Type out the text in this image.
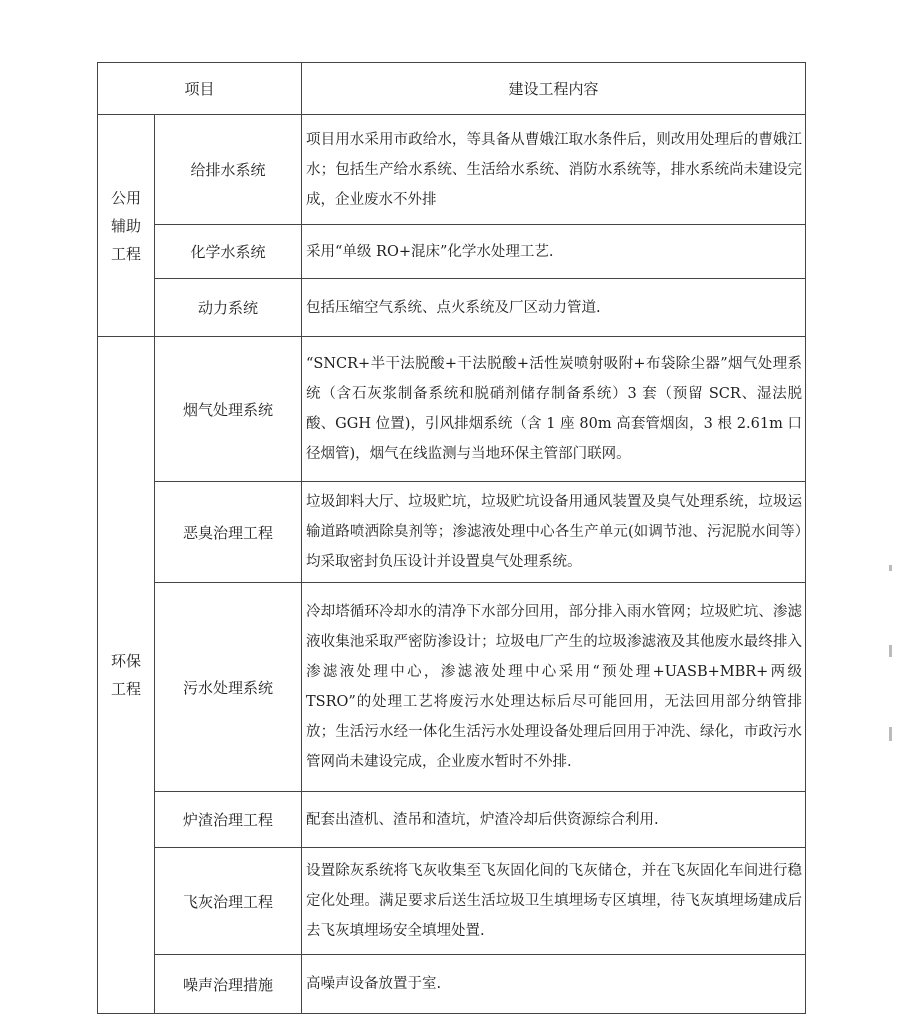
项目		建设工程内容

公用辅助工程	给排水系统	项目用水采用市政给水，等具备从曹娥江取水条件后，则改用处理后的曹娥江水；包括生产给水系统、生活给水系统、消防水系统等，排水系统尚未建设完成，企业废水不外排
	化学水系统	采用“单级 RO+混床”化学水处理工艺.
	动力系统	包括压缩空气系统、点火系统及厂区动力管道.

环保工程	烟气处理系统	“SNCR+半干法脱酸+干法脱酸+活性炭喷射吸附+布袋除尘器”烟气处理系统（含石灰浆制备系统和脱硝剂储存制备系统）3 套（预留 SCR、湿法脱酸、GGH 位置)，引风排烟系统（含 1 座 80m 高套管烟囱，3 根 2.61m 口径烟管)，烟气在线监测与当地环保主管部门联网。
	恶臭治理工程	垃圾卸料大厅、垃圾贮坑，垃圾贮坑设备用通风装置及臭气处理系统，垃圾运输道路喷洒除臭剂等；渗滤液处理中心各生产单元(如调节池、污泥脱水间等）均采取密封负压设计并设置臭气处理系统。
	污水处理系统	冷却塔循环冷却水的清净下水部分回用，部分排入雨水管网；垃圾贮坑、渗滤液收集池采取严密防渗设计；垃圾电厂产生的垃圾渗滤液及其他废水最终排入渗滤液处理中心，渗滤液处理中心采用“预处理+UASB+MBR+两级TSRO”的处理工艺将废污水处理达标后尽可能回用，无法回用部分纳管排放；生活污水经一体化生活污水处理设备处理后回用于冲洗、绿化，市政污水管网尚未建设完成，企业废水暂时不外排.
	炉渣治理工程	配套出渣机、渣吊和渣坑，炉渣冷却后供资源综合利用.
	飞灰治理工程	设置除灰系统将飞灰收集至飞灰固化间的飞灰储仓，并在飞灰固化车间进行稳定化处理。满足要求后送生活垃圾卫生填埋场专区填埋，待飞灰填埋场建成后去飞灰填埋场安全填埋处置.
	噪声治理措施	高噪声设备放置于室.
